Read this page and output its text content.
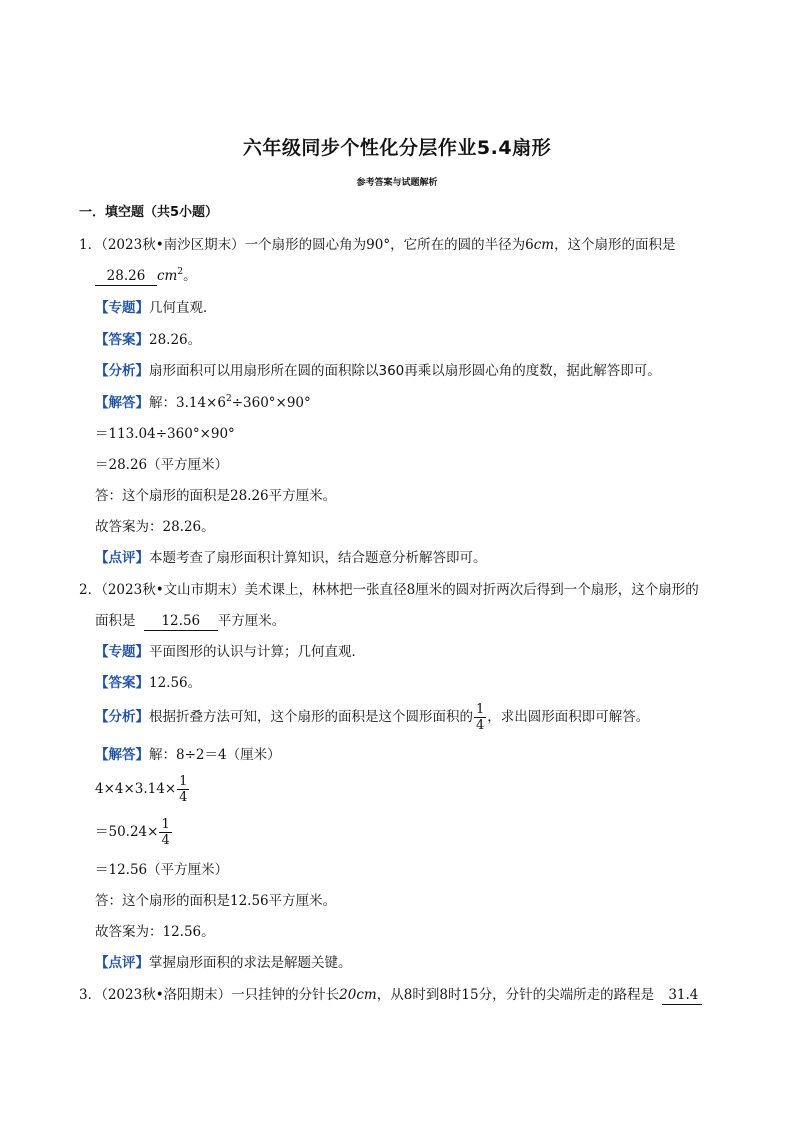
六年级同步个性化分层作业5.4扇形
参考答案与试题解析
一．填空题（共5小题）
1．（2023秋•南沙区期末）一个扇形的圆心角为90°，它所在的圆的半径为6cm，这个扇形的面积是
28.26 $cm^2$。
【专题】几何直观．
【答案】28.26。
【分析】扇形面积可以用扇形所在圆的面积除以360再乘以扇形圆心角的度数，据此解答即可。
【解答】解：$3.14\times 6^2\div 360^\circ\times 90^\circ$
＝113.04÷360°×90°
＝28.26（平方厘米）
答：这个扇形的面积是28.26平方厘米。
故答案为：28.26。
【点评】本题考查了扇形面积计算知识，结合题意分析解答即可。
2．（2023秋•文山市期末）美术课上，林林把一张直径8厘米的圆对折两次后得到一个扇形，这个扇形的
面积是 12.56 平方厘米。
【专题】平面图形的认识与计算；几何直观．
【答案】12.56。
【分析】根据折叠方法可知，这个扇形的面积是这个圆形面积的 $\frac{1}{4}$ ，求出圆形面积即可解答。
【解答】解：8÷2＝4（厘米）
$4\times 4\times 3.14\times \frac{1}{4}$
$=50.24\times \frac{1}{4}$
＝12.56（平方厘米）
答：这个扇形的面积是12.56平方厘米。
故答案为：12.56。
【点评】掌握扇形面积的求法是解题关键。
3．（2023秋•洛阳期末）一只挂钟的分针长20cm，从8时到8时15分，分针的尖端所走的路程是 31.4
